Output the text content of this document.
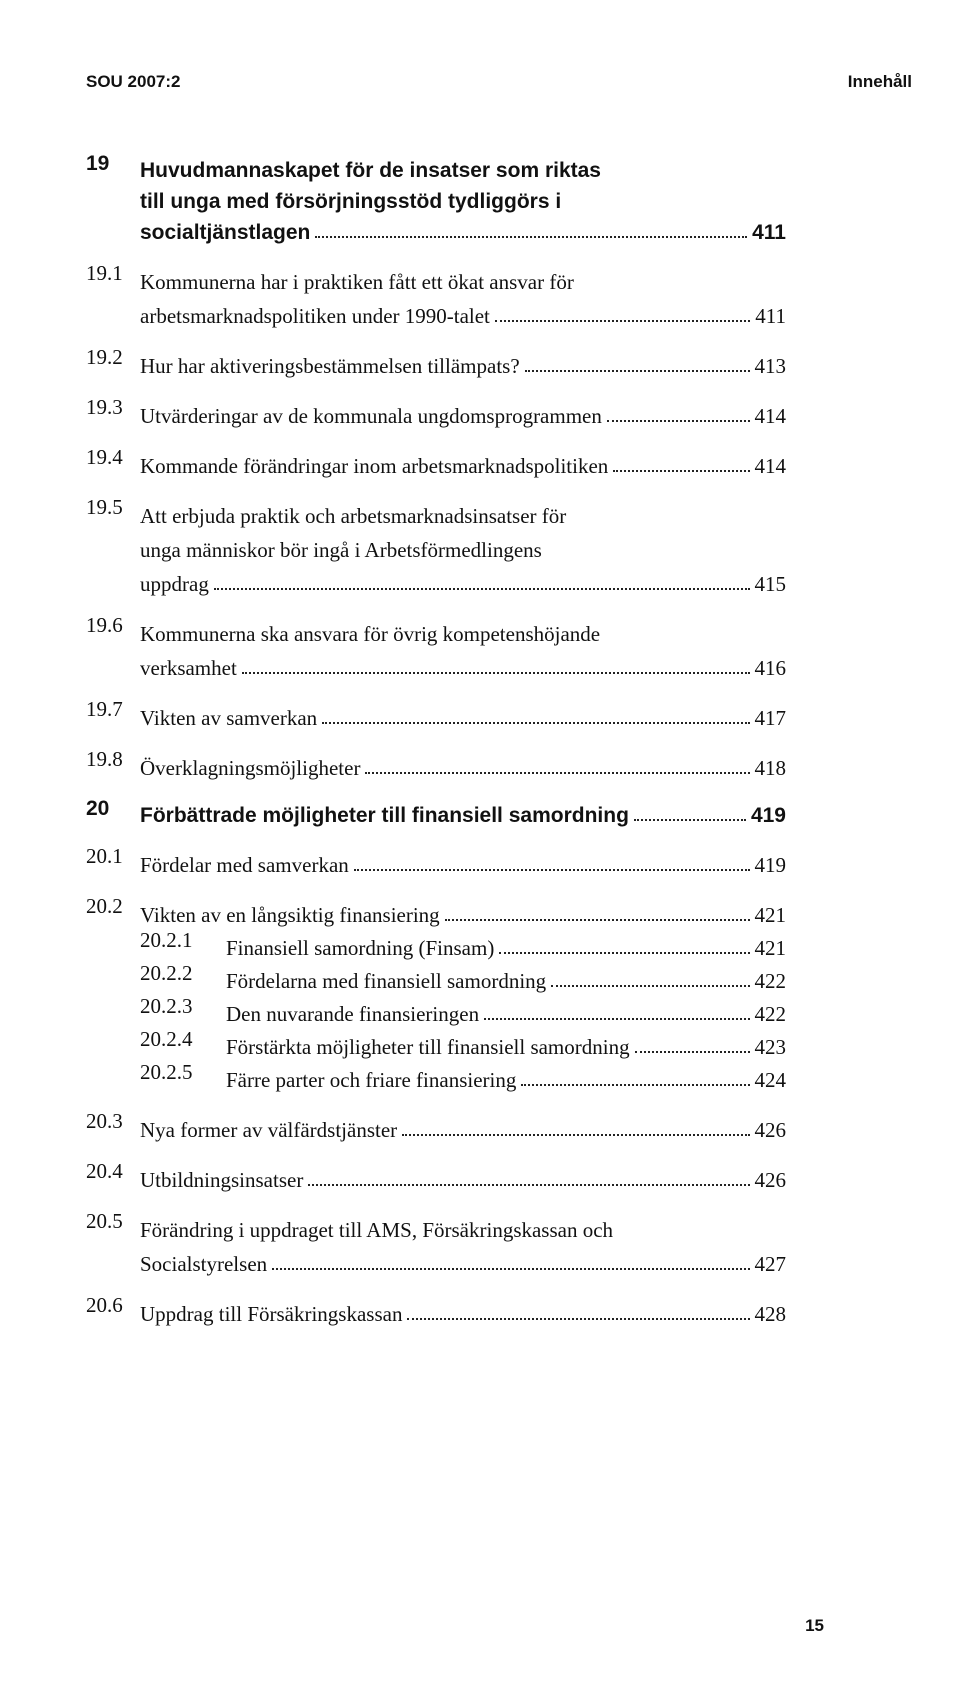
SOU 2007:2	Innehåll
19	Huvudmannaskapet för de insatser som riktas
till unga med försörjningsstöd tydliggörs i
socialtjänstlagen	411
19.1 Kommunerna har i praktiken fått ett ökat ansvar för
arbetsmarknadspolitiken under 1990-talet	411
19.2 Hur har aktiveringsbestämmelsen tillämpats?	413
19.3 Utvärderingar av de kommunala ungdomsprogrammen	414
19.4 Kommande förändringar inom arbetsmarknadspolitiken	414
19.5 Att erbjuda praktik och arbetsmarknadsinsatser för
unga människor bör ingå i Arbetsförmedlingens
uppdrag	415
19.6 Kommunerna ska ansvara för övrig kompetenshöjande
verksamhet	416
19.7 Vikten av samverkan	417
19.8 Överklagningsmöjligheter	418
20	Förbättrade möjligheter till finansiell samordning	419
20.1 Fördelar med samverkan	419
20.2 Vikten av en långsiktig finansiering	421
20.2.1	Finansiell samordning (Finsam)	421
20.2.2	Fördelarna med finansiell samordning	422
20.2.3	Den nuvarande finansieringen	422
20.2.4	Förstärkta möjligheter till finansiell samordning	423
20.2.5	Färre parter och friare finansiering	424
20.3 Nya former av välfärdstjänster	426
20.4 Utbildningsinsatser	426
20.5 Förändring i uppdraget till AMS, Försäkringskassan och
Socialstyrelsen	427
20.6 Uppdrag till Försäkringskassan	428
15
